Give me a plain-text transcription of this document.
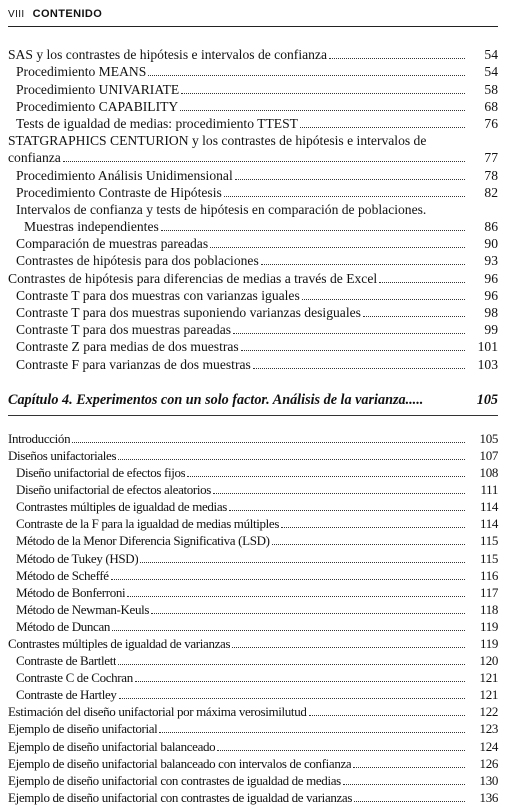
VIII CONTENIDO
SAS y los contrastes de hipótesis e intervalos de confianza	54
Procedimiento MEANS	54
Procedimiento UNIVARIATE	58
Procedimiento CAPABILITY	68
Tests de igualdad de medias: procedimiento TTEST	76
STATGRAPHICS CENTURION y los contrastes de hipótesis e intervalos de
confianza	77
Procedimiento Análisis Unidimensional	78
Procedimiento Contraste de Hipótesis	82
Intervalos de confianza y tests de hipótesis en comparación de poblaciones.
Muestras independientes	86
Comparación de muestras pareadas	90
Contrastes de hipótesis para dos poblaciones	93
Contrastes de hipótesis para diferencias de medias a través de Excel	96
Contraste T para dos muestras con varianzas iguales	96
Contraste T para dos muestras suponiendo varianzas desiguales	98
Contraste T para dos muestras pareadas	99
Contraste Z para medias de dos muestras	101
Contraste F para varianzas de dos muestras	103
Capítulo 4. Experimentos con un solo factor. Análisis de la varianza.....	105
Introducción	105
Diseños unifactoriales	107
Diseño unifactorial de efectos fijos	108
Diseño unifactorial de efectos aleatorios	111
Contrastes múltiples de igualdad de medias	114
Contraste de la F para la igualdad de medias múltiples	114
Método de la Menor Diferencia Significativa (LSD)	115
Método de Tukey (HSD)	115
Método de Scheffé	116
Método de Bonferroni	117
Método de Newman-Keuls	118
Método de Duncan	119
Contrastes múltiples de igualdad de varianzas	119
Contraste de Bartlett	120
Contraste C de Cochran	121
Contraste de Hartley	121
Estimación del diseño unifactorial por máxima verosimilutud	122
Ejemplo de diseño unifactorial	123
Ejemplo de diseño unifactorial balanceado	124
Ejemplo de diseño unifactorial balanceado con intervalos de confianza	126
Ejemplo de diseño unifactorial con contrastes de igualdad de medias	130
Ejemplo de diseño unifactorial con contrastes de igualdad de varianzas	136
